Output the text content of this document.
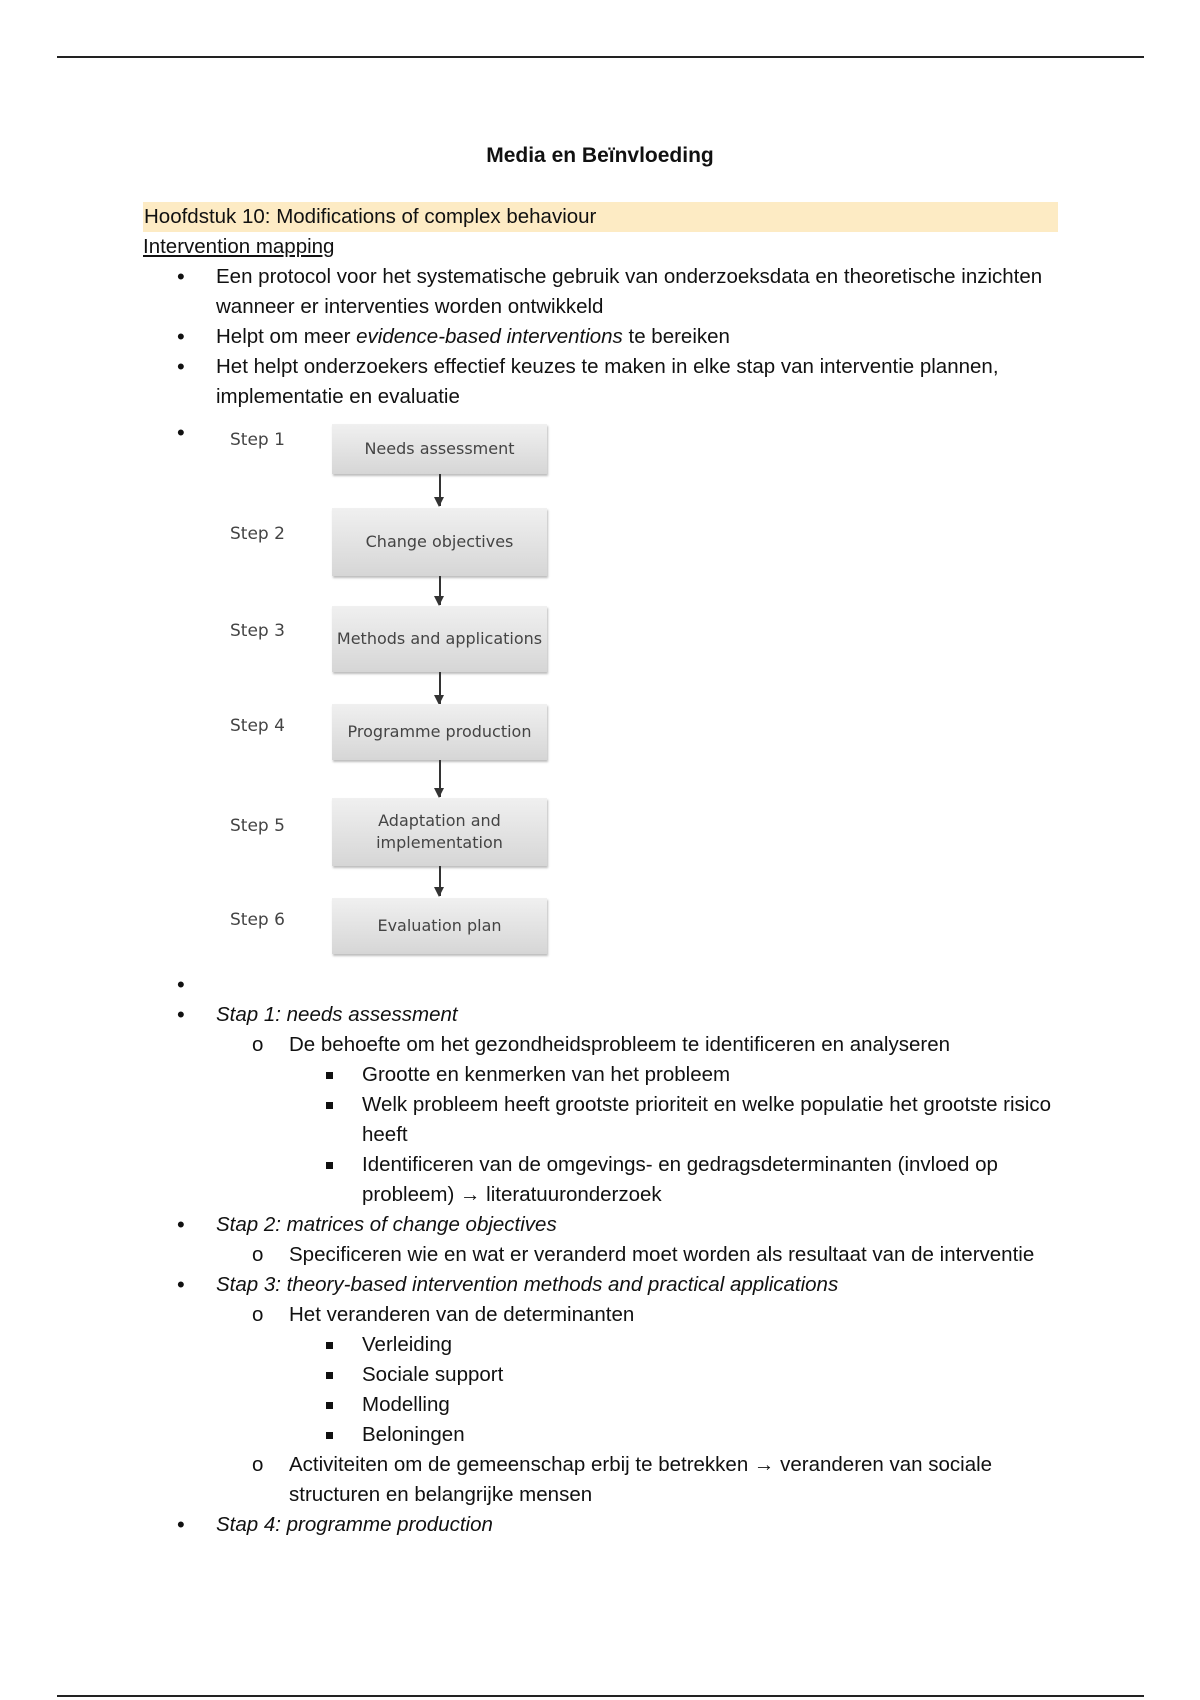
Media en Beïnvloeding
Hoofdstuk 10: Modifications of complex behaviour
Intervention mapping
• Een protocol voor het systematische gebruik van onderzoeksdata en theoretische inzichten wanneer er interventies worden ontwikkeld
• Helpt om meer evidence-based interventions te bereiken
• Het helpt onderzoekers effectief keuzes te maken in elke stap van interventie plannen, implementatie en evaluatie
• Step 1	Needs assessment
Step 2	Change objectives
Step 3	Methods and applications
Step 4	Programme production
Step 5	Adaptation and implementation
Step 6	Evaluation plan
•
• Stap 1: needs assessment
o De behoefte om het gezondheidsprobleem te identificeren en analyseren
Grootte en kenmerken van het probleem
Welk probleem heeft grootste prioriteit en welke populatie het grootste risico heeft
Identificeren van de omgevings- en gedragsdeterminanten (invloed op probleem) → literatuuronderzoek
• Stap 2: matrices of change objectives
o Specificeren wie en wat er veranderd moet worden als resultaat van de interventie
• Stap 3: theory-based intervention methods and practical applications
o Het veranderen van de determinanten
Verleiding
Sociale support
Modelling
Beloningen
o Activiteiten om de gemeenschap erbij te betrekken → veranderen van sociale structuren en belangrijke mensen
• Stap 4: programme production
